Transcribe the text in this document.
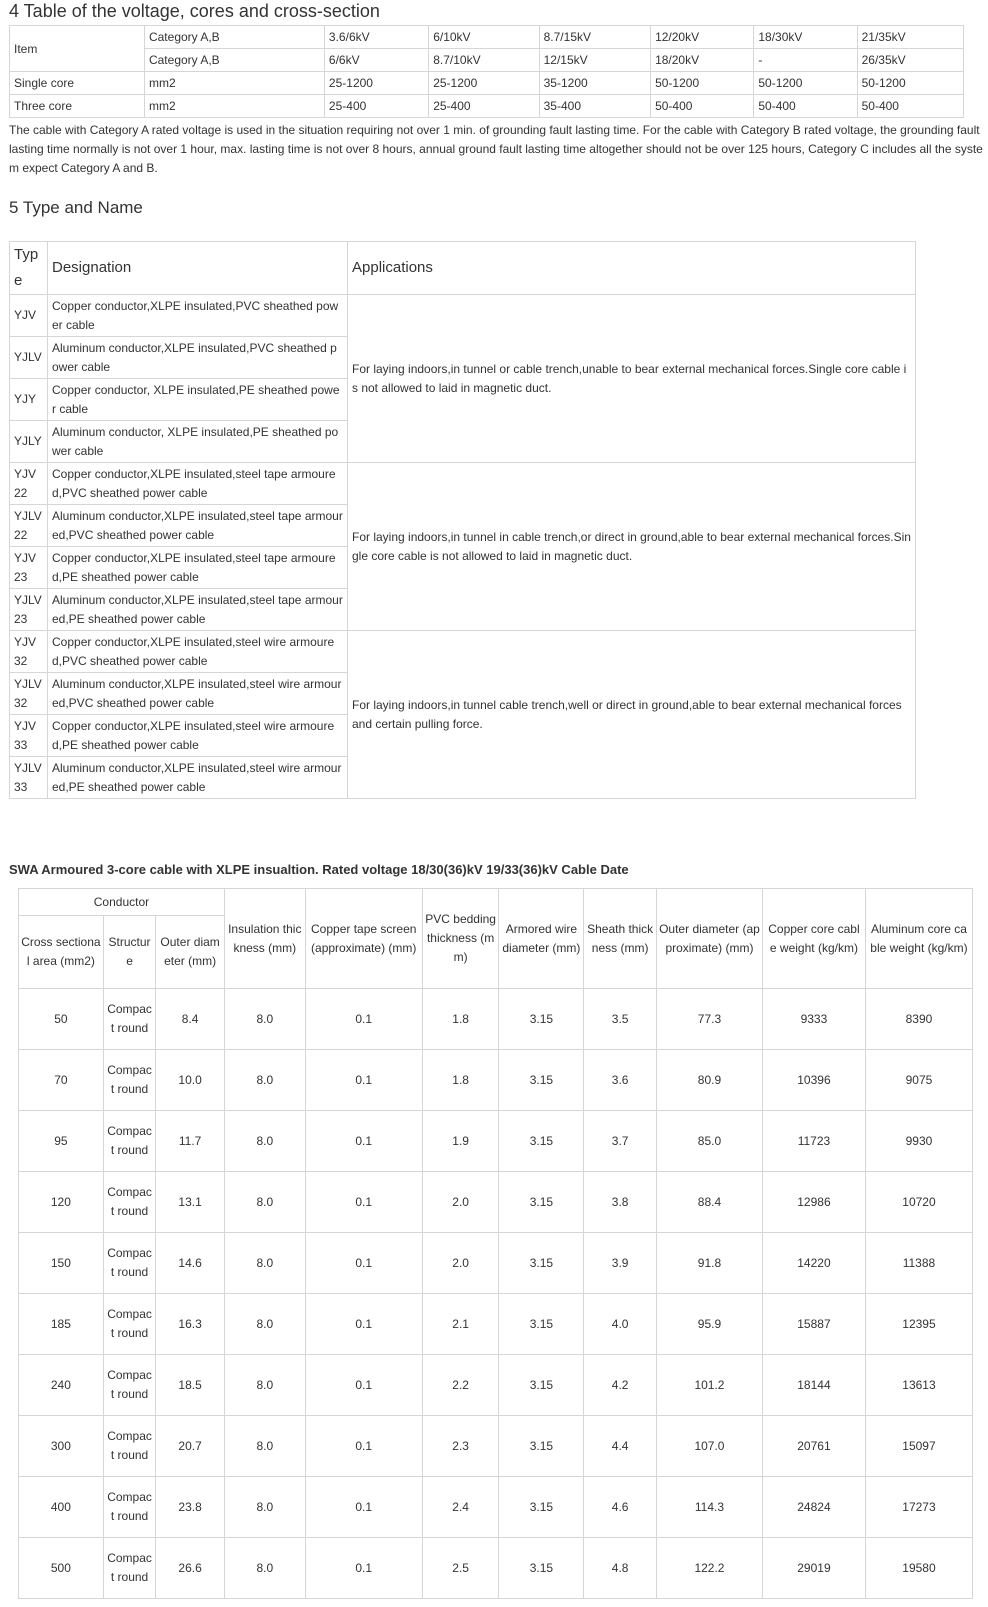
4 Table of the voltage, cores and cross-section
Item	Category A,B	3.6/6kV	6/10kV	8.7/15kV	12/20kV	18/30kV	21/35kV
	Category A,B	6/6kV	8.7/10kV	12/15kV	18/20kV	-	26/35kV
Single core	mm2	25-1200	25-1200	35-1200	50-1200	50-1200	50-1200
Three core	mm2	25-400	25-400	35-400	50-400	50-400	50-400

The cable with Category A rated voltage is used in the situation requiring not over 1 min. of grounding fault lasting time. For the cable with Category B rated voltage, the grounding fault lasting time normally is not over 1 hour, max. lasting time is not over 8 hours, annual ground fault lasting time altogether should not be over 125 hours, Category C includes all the system expect Category A and B.

5 Type and Name
Type	Designation	Applications
YJV	Copper conductor,XLPE insulated,PVC sheathed power cable	For laying indoors,in tunnel or cable trench,unable to bear external mechanical forces.Single core cable is not allowed to laid in magnetic duct.
YJLV	Aluminum conductor,XLPE insulated,PVC sheathed power cable	
YJY	Copper conductor, XLPE insulated,PE sheathed power cable	
YJLY	Aluminum conductor, XLPE insulated,PE sheathed power cable	
YJV 22	Copper conductor,XLPE insulated,steel tape armoured,PVC sheathed power cable	For laying indoors,in tunnel in cable trench,or direct in ground,able to bear external mechanical forces.Single core cable is not allowed to laid in magnetic duct.
YJLV 22	Aluminum conductor,XLPE insulated,steel tape armoured,PVC sheathed power cable	
YJV 23	Copper conductor,XLPE insulated,steel tape armoured,PE sheathed power cable	
YJLV 23	Aluminum conductor,XLPE insulated,steel tape armoured,PE sheathed power cable	
YJV 32	Copper conductor,XLPE insulated,steel wire armoured,PVC sheathed power cable	For laying indoors,in tunnel cable trench,well or direct in ground,able to bear external mechanical forces and certain pulling force.
YJLV 32	Aluminum conductor,XLPE insulated,steel wire armoured,PVC sheathed power cable	
YJV 33	Copper conductor,XLPE insulated,steel wire armoured,PE sheathed power cable	
YJLV 33	Aluminum conductor,XLPE insulated,steel wire armoured,PE sheathed power cable	
SWA Armoured 3-core cable with XLPE insualtion. Rated voltage 18/30(36)kV 19/33(36)kV Cable Date
Conductor			Insulation thickness (mm)	Copper tape screen (approximate) (mm)	PVC bedding thickness (mm)	Armored wire diameter (mm)	Sheath thickness (mm)	Outer diameter (approximate) (mm)	Copper core cable weight (kg/km)	Aluminum core cable weight (kg/km)
Cross sectional area (mm2)	Structure	Outer diameter (mm)								
50	Compact round	8.4	8.0	0.1	1.8	3.15	3.5	77.3	9333	8390
70	Compact round	10.0	8.0	0.1	1.8	3.15	3.6	80.9	10396	9075
95	Compact round	11.7	8.0	0.1	1.9	3.15	3.7	85.0	11723	9930
120	Compact round	13.1	8.0	0.1	2.0	3.15	3.8	88.4	12986	10720
150	Compact round	14.6	8.0	0.1	2.0	3.15	3.9	91.8	14220	11388
185	Compact round	16.3	8.0	0.1	2.1	3.15	4.0	95.9	15887	12395
240	Compact round	18.5	8.0	0.1	2.2	3.15	4.2	101.2	18144	13613
300	Compact round	20.7	8.0	0.1	2.3	3.15	4.4	107.0	20761	15097
400	Compact round	23.8	8.0	0.1	2.4	3.15	4.6	114.3	24824	17273
500	Compact round	26.6	8.0	0.1	2.5	3.15	4.8	122.2	29019	19580
